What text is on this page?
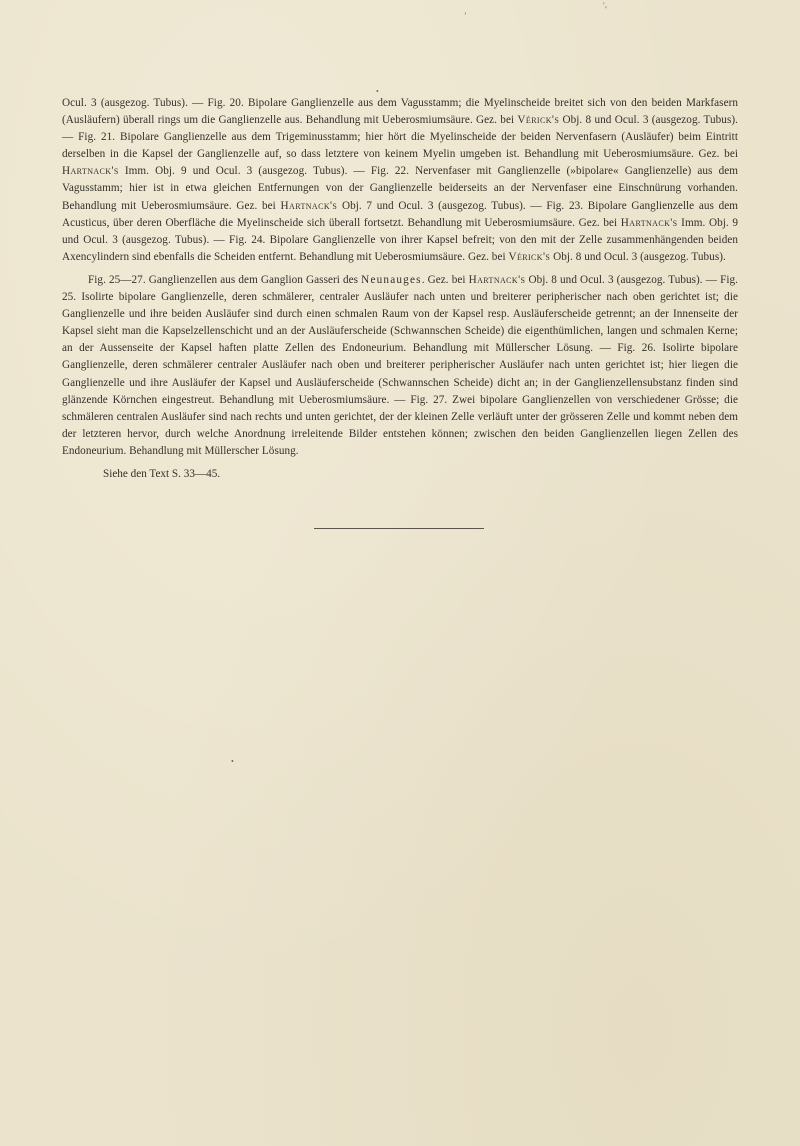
′ᵥ
ʼ
•

Ocul. 3 (ausgezog. Tubus). — Fig. 20. Bipolare Ganglienzelle aus dem Vagusstamm; die Myelinscheide breitet sich von den beiden Markfasern (Ausläufern) überall rings um die Ganglienzelle aus. Behandlung mit Ueberosmiumsäure. Gez. bei Vérick's Obj. 8 und Ocul. 3 (ausgezog. Tubus). — Fig. 21. Bipolare Ganglienzelle aus dem Trigeminusstamm; hier hört die Myelinscheide der beiden Nervenfasern (Ausläufer) beim Eintritt derselben in die Kapsel der Ganglienzelle auf, so dass letztere von keinem Myelin umgeben ist. Behandlung mit Ueberosmiumsäure. Gez. bei Hartnack's Imm. Obj. 9 und Ocul. 3 (ausgezog. Tubus). — Fig. 22. Nervenfaser mit Ganglienzelle (»bipolare« Ganglienzelle) aus dem Vagusstamm; hier ist in etwa gleichen Entfernungen von der Ganglienzelle beiderseits an der Nervenfaser eine Einschnürung vorhanden. Behandlung mit Ueberosmiumsäure. Gez. bei Hartnack's Obj. 7 und Ocul. 3 (ausgezog. Tubus). — Fig. 23. Bipolare Ganglienzelle aus dem Acusticus, über deren Oberfläche die Myelinscheide sich überall fortsetzt. Behandlung mit Ueberosmiumsäure. Gez. bei Hartnack's Imm. Obj. 9 und Ocul. 3 (ausgezog. Tubus). — Fig. 24. Bipolare Ganglienzelle von ihrer Kapsel befreit; von den mit der Zelle zusammenhängenden beiden Axencylindern sind ebenfalls die Scheiden entfernt. Behandlung mit Ueberosmiumsäure. Gez. bei Vérick's Obj. 8 und Ocul. 3 (ausgezog. Tubus).

Fig. 25—27. Ganglienzellen aus dem Ganglion Gasseri des Neunauges. Gez. bei Hartnack's Obj. 8 und Ocul. 3 (ausgezog. Tubus). — Fig. 25. Isolirte bipolare Ganglienzelle, deren schmälerer, centraler Ausläufer nach unten und breiterer peripherischer nach oben gerichtet ist; die Ganglienzelle und ihre beiden Ausläufer sind durch einen schmalen Raum von der Kapsel resp. Ausläuferscheide getrennt; an der Innenseite der Kapsel sieht man die Kapselzellenschicht und an der Ausläuferscheide (Schwannschen Scheide) die eigenthümlichen, langen und schmalen Kerne; an der Aussenseite der Kapsel haften platte Zellen des Endoneurium. Behandlung mit Müllerscher Lösung. — Fig. 26. Isolirte bipolare Ganglienzelle, deren schmälerer centraler Ausläufer nach oben und breiterer peripherischer Ausläufer nach unten gerichtet ist; hier liegen die Ganglienzelle und ihre Ausläufer der Kapsel und Ausläuferscheide (Schwannschen Scheide) dicht an; in der Ganglienzellensubstanz finden sind glänzende Körnchen eingestreut. Behandlung mit Ueberosmiumsäure. — Fig. 27. Zwei bipolare Ganglienzellen von verschiedener Grösse; die schmäleren centralen Ausläufer sind nach rechts und unten gerichtet, der der kleinen Zelle verläuft unter der grösseren Zelle und kommt neben dem der letzteren hervor, durch welche Anordnung irreleitende Bilder entstehen können; zwischen den beiden Ganglienzellen liegen Zellen des Endoneurium. Behandlung mit Müllerscher Lösung.

Siehe den Text S. 33—45.
•
